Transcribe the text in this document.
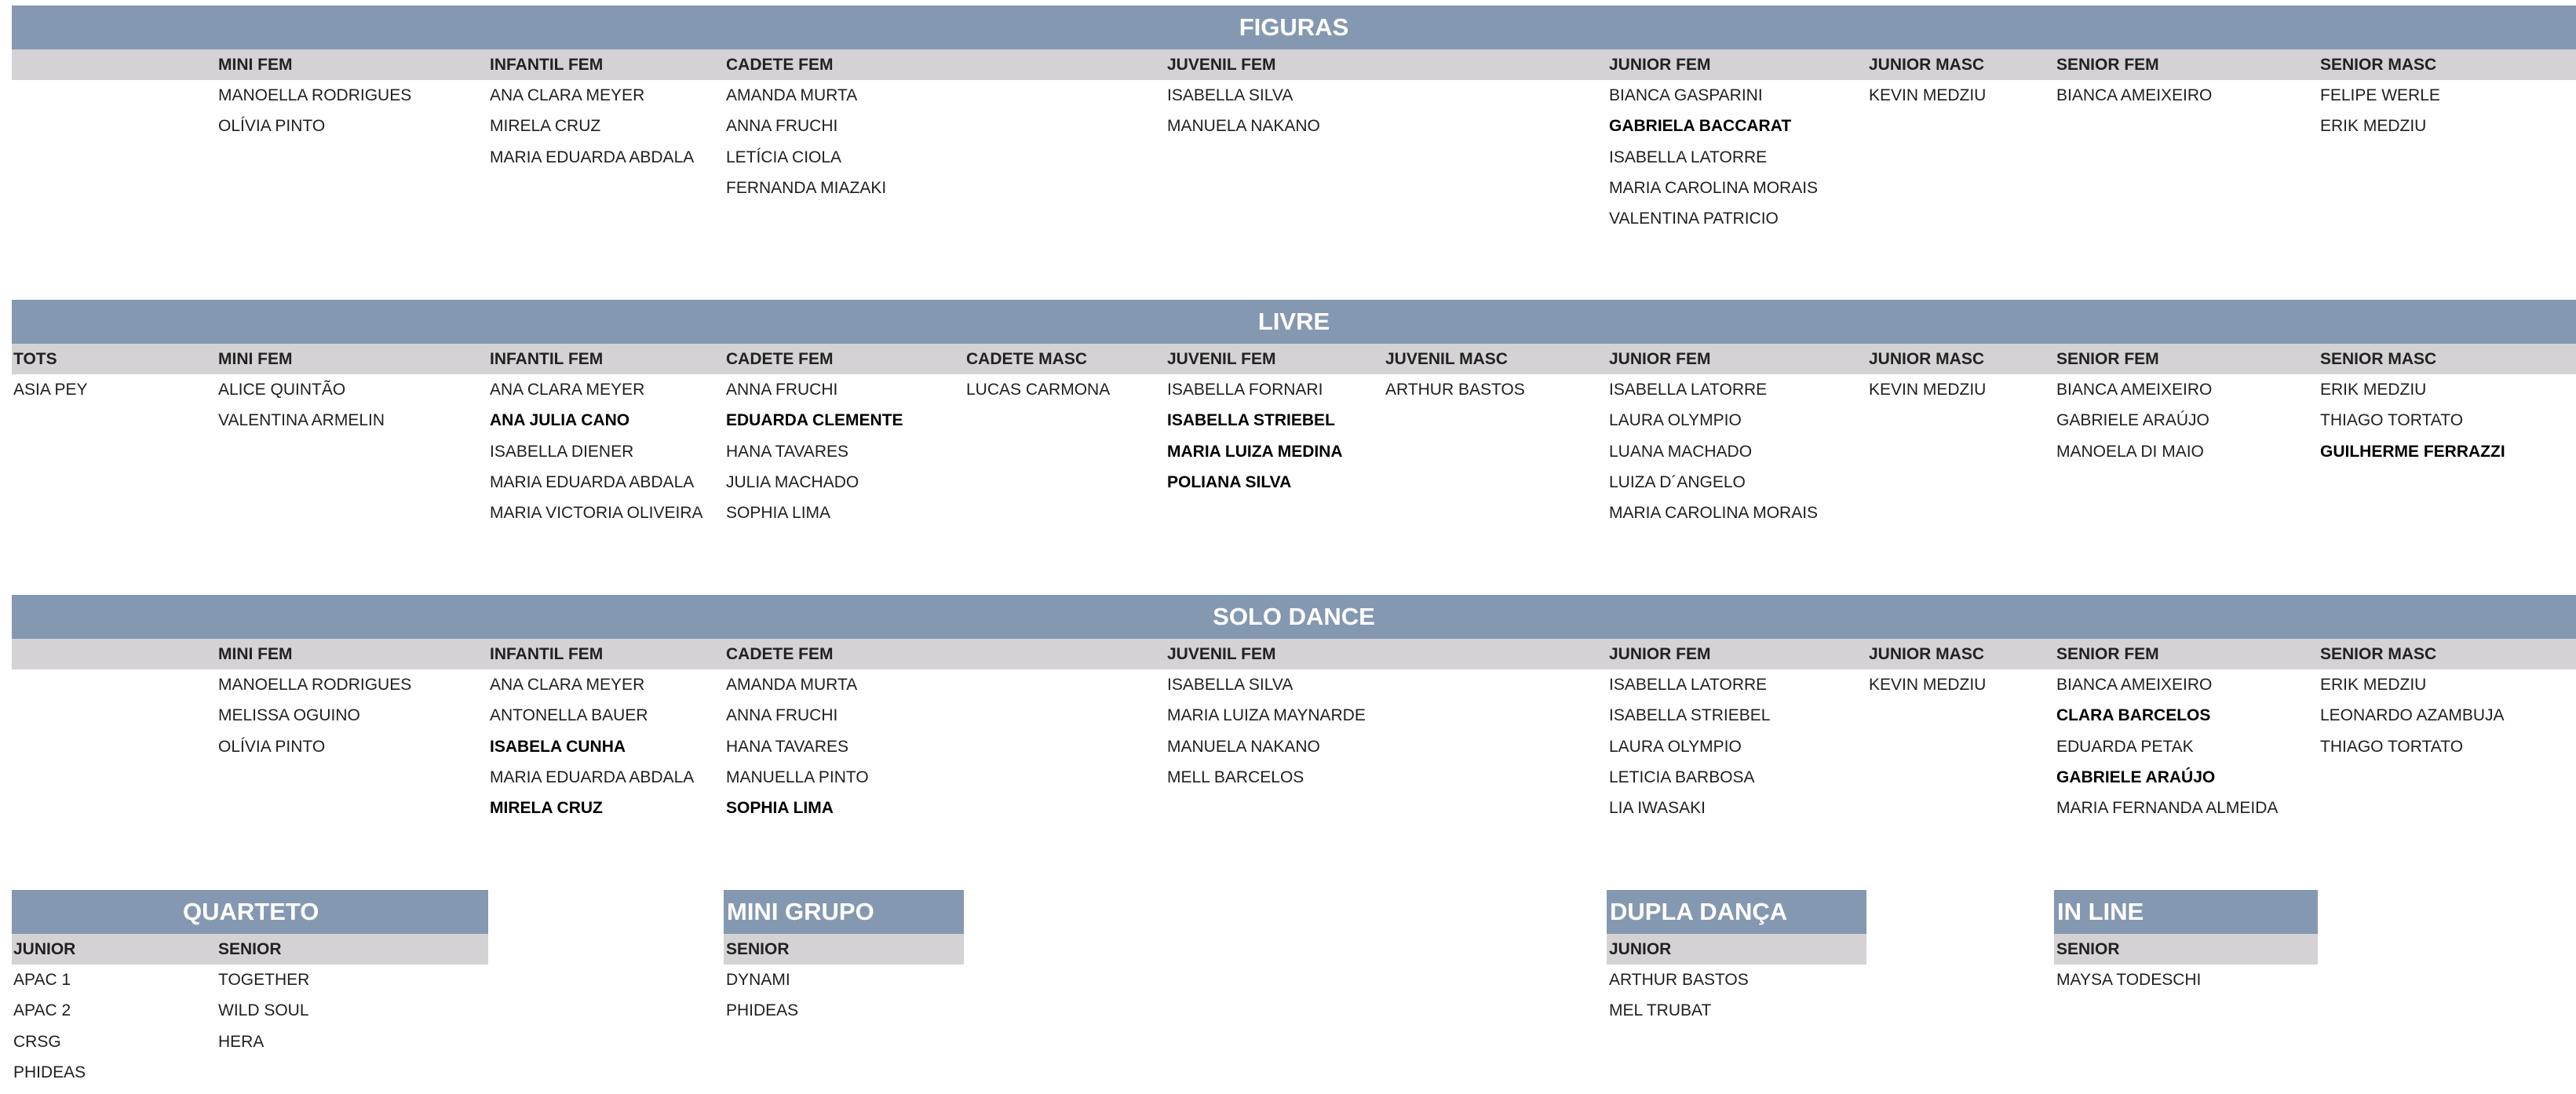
FIGURAS
MINI FEM
MANOELLA RODRIGUES
OLÍVIA PINTO
INFANTIL FEM
ANA CLARA MEYER
MIRELA CRUZ
MARIA EDUARDA ABDALA
CADETE FEM
AMANDA MURTA
ANNA FRUCHI
LETÍCIA CIOLA
FERNANDA MIAZAKI
JUVENIL FEM
ISABELLA SILVA
MANUELA NAKANO
JUNIOR FEM
BIANCA GASPARINI
GABRIELA BACCARAT
ISABELLA LATORRE
MARIA CAROLINA MORAIS
VALENTINA PATRICIO
JUNIOR MASC
KEVIN MEDZIU
SENIOR FEM
BIANCA AMEIXEIRO
SENIOR MASC
FELIPE WERLE
ERIK MEDZIU
LIVRE
TOTS
ASIA PEY
MINI FEM
ALICE QUINTÃO
VALENTINA ARMELIN
INFANTIL FEM
ANA CLARA MEYER
ANA JULIA CANO
ISABELLA DIENER
MARIA EDUARDA ABDALA
MARIA VICTORIA OLIVEIRA
CADETE FEM
ANNA FRUCHI
EDUARDA CLEMENTE
HANA TAVARES
JULIA MACHADO
SOPHIA LIMA
CADETE MASC
LUCAS CARMONA
JUVENIL FEM
ISABELLA FORNARI
ISABELLA STRIEBEL
MARIA LUIZA MEDINA
POLIANA SILVA
JUVENIL MASC
ARTHUR BASTOS
JUNIOR FEM
ISABELLA LATORRE
LAURA OLYMPIO
LUANA MACHADO
LUIZA D´ANGELO
MARIA CAROLINA MORAIS
JUNIOR MASC
KEVIN MEDZIU
SENIOR FEM
BIANCA AMEIXEIRO
GABRIELE ARAÚJO
MANOELA DI MAIO
SENIOR MASC
ERIK MEDZIU
THIAGO TORTATO
GUILHERME FERRAZZI
SOLO DANCE
MINI FEM
MANOELLA RODRIGUES
MELISSA OGUINO
OLÍVIA PINTO
INFANTIL FEM
ANA CLARA MEYER
ANTONELLA BAUER
ISABELA CUNHA
MARIA EDUARDA ABDALA
MIRELA CRUZ
CADETE FEM
AMANDA MURTA
ANNA FRUCHI
HANA TAVARES
MANUELLA PINTO
SOPHIA LIMA
JUVENIL FEM
ISABELLA SILVA
MARIA LUIZA MAYNARDE
MANUELA NAKANO
MELL BARCELOS
JUNIOR FEM
ISABELLA LATORRE
ISABELLA STRIEBEL
LAURA OLYMPIO
LETICIA BARBOSA
LIA IWASAKI
JUNIOR MASC
KEVIN MEDZIU
SENIOR FEM
BIANCA AMEIXEIRO
CLARA BARCELOS
EDUARDA PETAK
GABRIELE ARAÚJO
MARIA FERNANDA ALMEIDA
SENIOR MASC
ERIK MEDZIU
LEONARDO AZAMBUJA
THIAGO TORTATO
QUARTETO
JUNIOR
APAC 1
APAC 2
CRSG
PHIDEAS
SENIOR
TOGETHER
WILD SOUL
HERA
MINI GRUPO
SENIOR
DYNAMI
PHIDEAS
DUPLA DANÇA
JUNIOR
ARTHUR BASTOS
MEL TRUBAT
IN LINE
SENIOR
MAYSA TODESCHI
